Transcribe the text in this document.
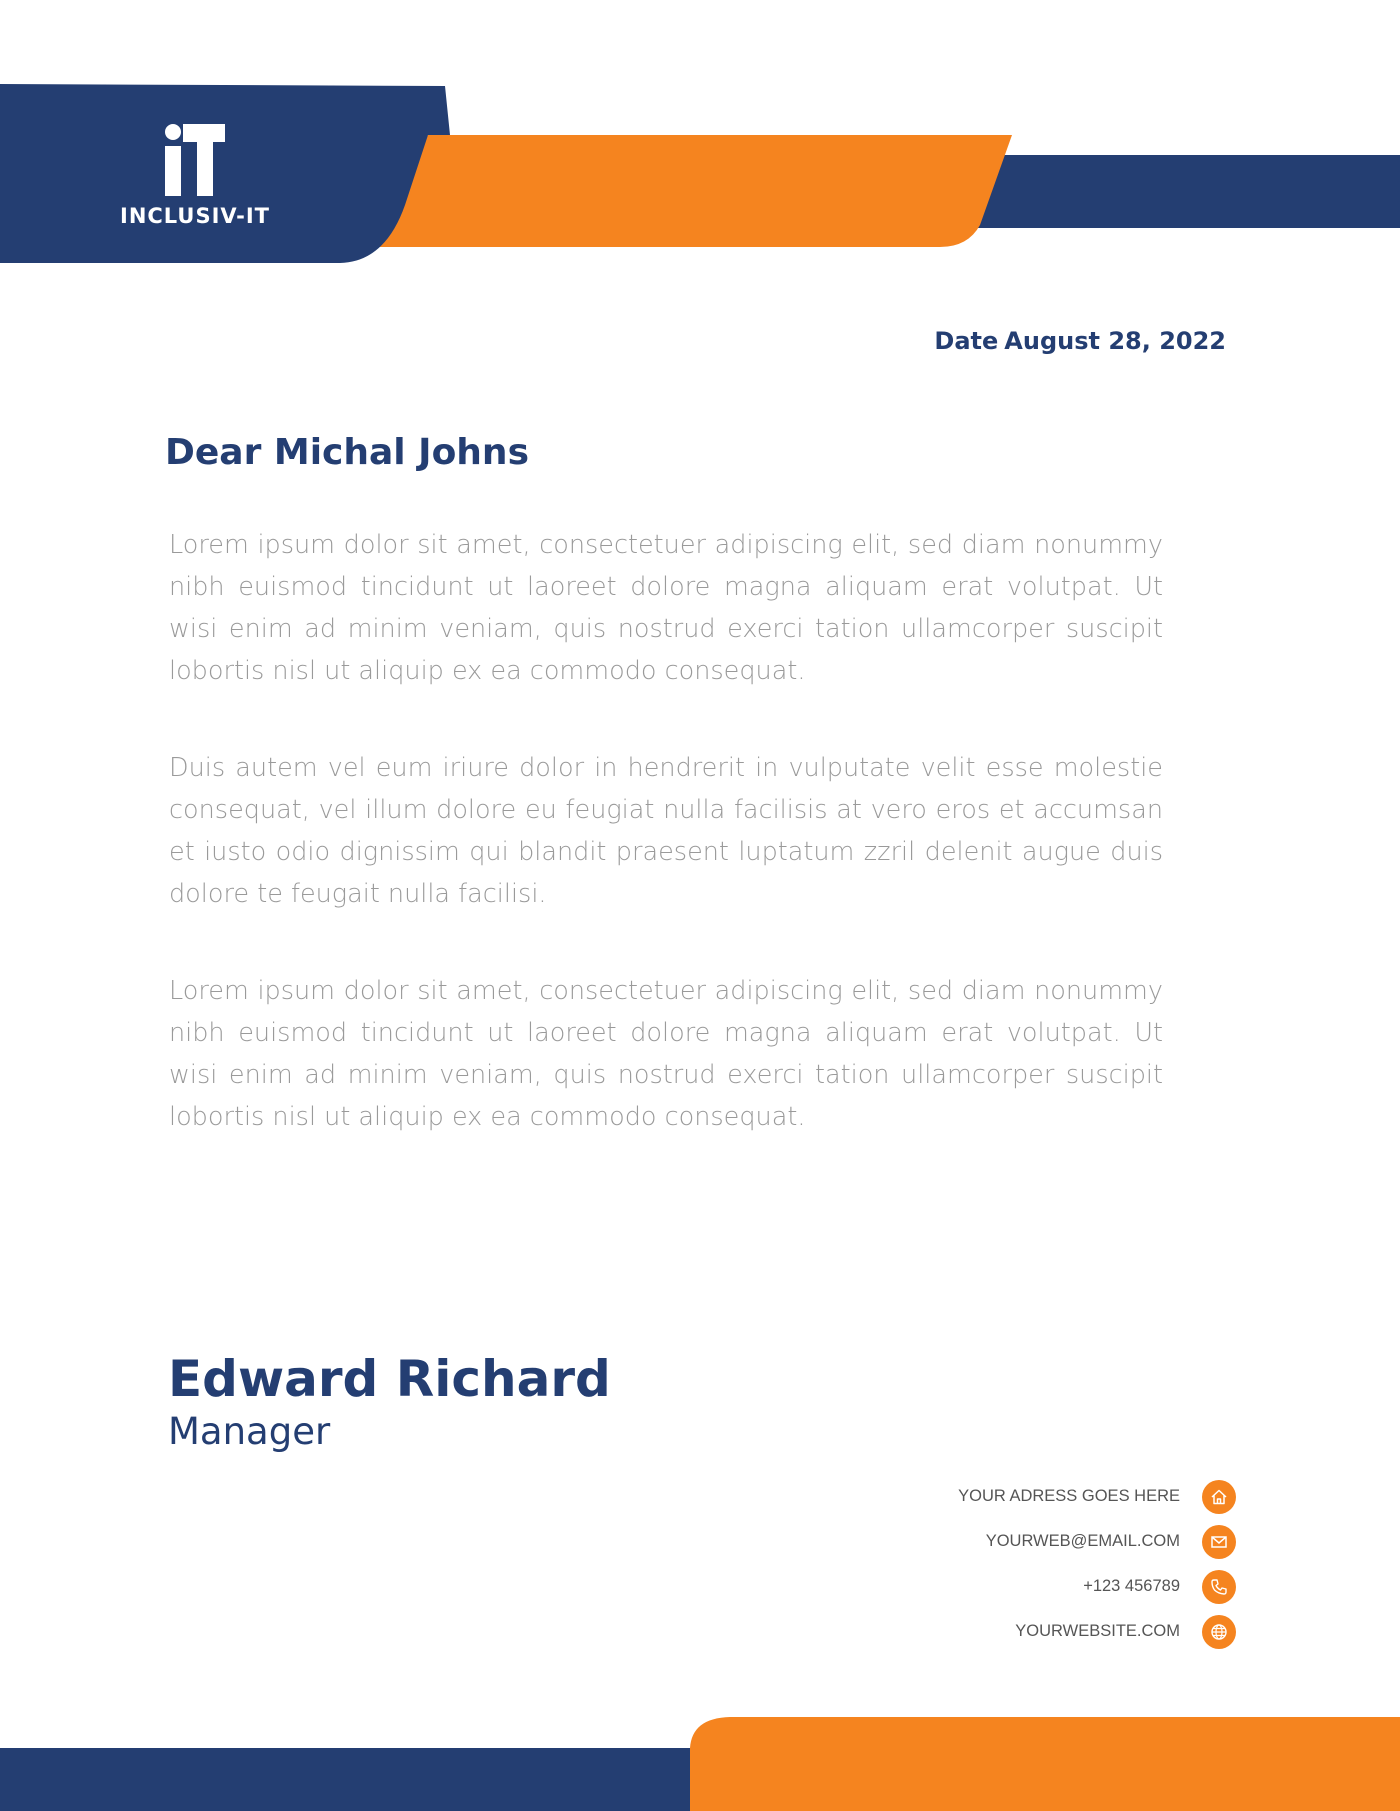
INCLUSIV-IT
Date August 28, 2022
Dear Michal Johns

Lorem ipsum dolor sit amet, consectetuer adipiscing elit, sed diam nonummy nibh euismod tincidunt ut laoreet dolore magna aliquam erat volutpat. Ut wisi enim ad minim veniam, quis nostrud exerci tation ullamcorper suscipit lobortis nisl ut aliquip ex ea commodo consequat.

Duis autem vel eum iriure dolor in hendrerit in vulputate velit esse molestie consequat, vel illum dolore eu feugiat nulla facilisis at vero eros et accumsan et iusto odio dignissim qui blandit praesent luptatum zzril delenit augue duis dolore te feugait nulla facilisi.

Lorem ipsum dolor sit amet, consectetuer adipiscing elit, sed diam nonummy nibh euismod tincidunt ut laoreet dolore magna aliquam erat volutpat. Ut wisi enim ad minim veniam, quis nostrud exerci tation ullamcorper suscipit lobortis nisl ut aliquip ex ea commodo consequat.

Edward Richard
Manager
YOUR ADRESS GOES HERE
YOURWEB@EMAIL.COM
+123 456789
YOURWEBSITE.COM
